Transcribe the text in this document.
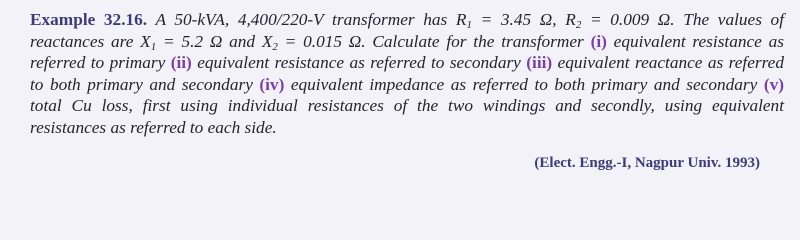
Example 32.16. A 50-kVA, 4,400/220-V transformer has $R_1 = 3.45$ Ω, $R_2 = 0.009$ Ω. The values of reactances are $X_1 = 5.2$ Ω and $X_2 = 0.015$ Ω. Calculate for the transformer (i) equivalent resistance as referred to primary (ii) equivalent resistance as referred to secondary (iii) equivalent reactance as referred to both primary and secondary (iv) equivalent impedance as referred to both primary and secondary (v) total Cu loss, first using individual resistances of the two windings and secondly, using equivalent resistances as referred to each side.

(Elect. Engg.-I, Nagpur Univ. 1993)
